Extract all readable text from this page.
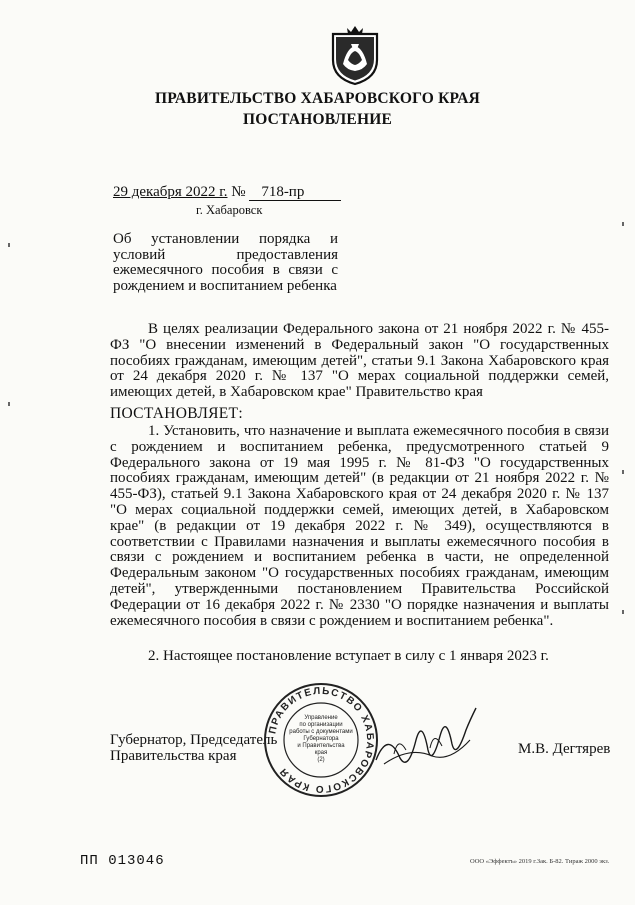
ПРАВИТЕЛЬСТВО ХАБАРОВСКОГО КРАЯ
ПОСТАНОВЛЕНИЕ
29 декабря 2022 г. № 718-пр
г. Хабаровск
Об установлении порядка и условий предоставления ежемесячного пособия в связи с рождением и воспитанием ребенка
В целях реализации Федерального закона от 21 ноября 2022 г. № 455-ФЗ "О внесении изменений в Федеральный закон "О государственных пособиях гражданам, имеющим детей", статьи 9.1 Закона Хабаровского края от 24 декабря 2020 г. № 137 "О мерах социальной поддержки семей, имеющих детей, в Хабаровском крае" Правительство края
ПОСТАНОВЛЯЕТ:
1. Установить, что назначение и выплата ежемесячного пособия в связи с рождением и воспитанием ребенка, предусмотренного статьей 9 Федерального закона от 19 мая 1995 г. № 81-ФЗ "О государственных пособиях гражданам, имеющим детей" (в редакции от 21 ноября 2022 г. № 455-ФЗ), статьей 9.1 Закона Хабаровского края от 24 декабря 2020 г. № 137 "О мерах социальной поддержки семей, имеющих детей, в Хабаровском крае" (в редакции от 19 декабря 2022 г. № 349), осуществляются в соответствии с Правилами назначения и выплаты ежемесячного пособия в связи с рождением и воспитанием ребенка в части, не определенной Федеральным законом "О государственных пособиях гражданам, имеющим детей", утвержденными постановлением Правительства Российской Федерации от 16 декабря 2022 г. № 2330 "О порядке назначения и выплаты ежемесячного пособия в связи с рождением и воспитанием ребенка".
2. Настоящее постановление вступает в силу с 1 января 2023 г.
Губернатор, Председатель
Правительства края	М.В. Дегтярев
ПРАВИТЕЛЬСТВО ХАБАРОВСКОГО КРАЯ
Управление
по организации
работы с документами
Губернатора
и Правительства
края
(2)
ПП 013046	ООО «Эффектъ» 2019 г.Зак. Б-82. Тираж 2000 экз.
